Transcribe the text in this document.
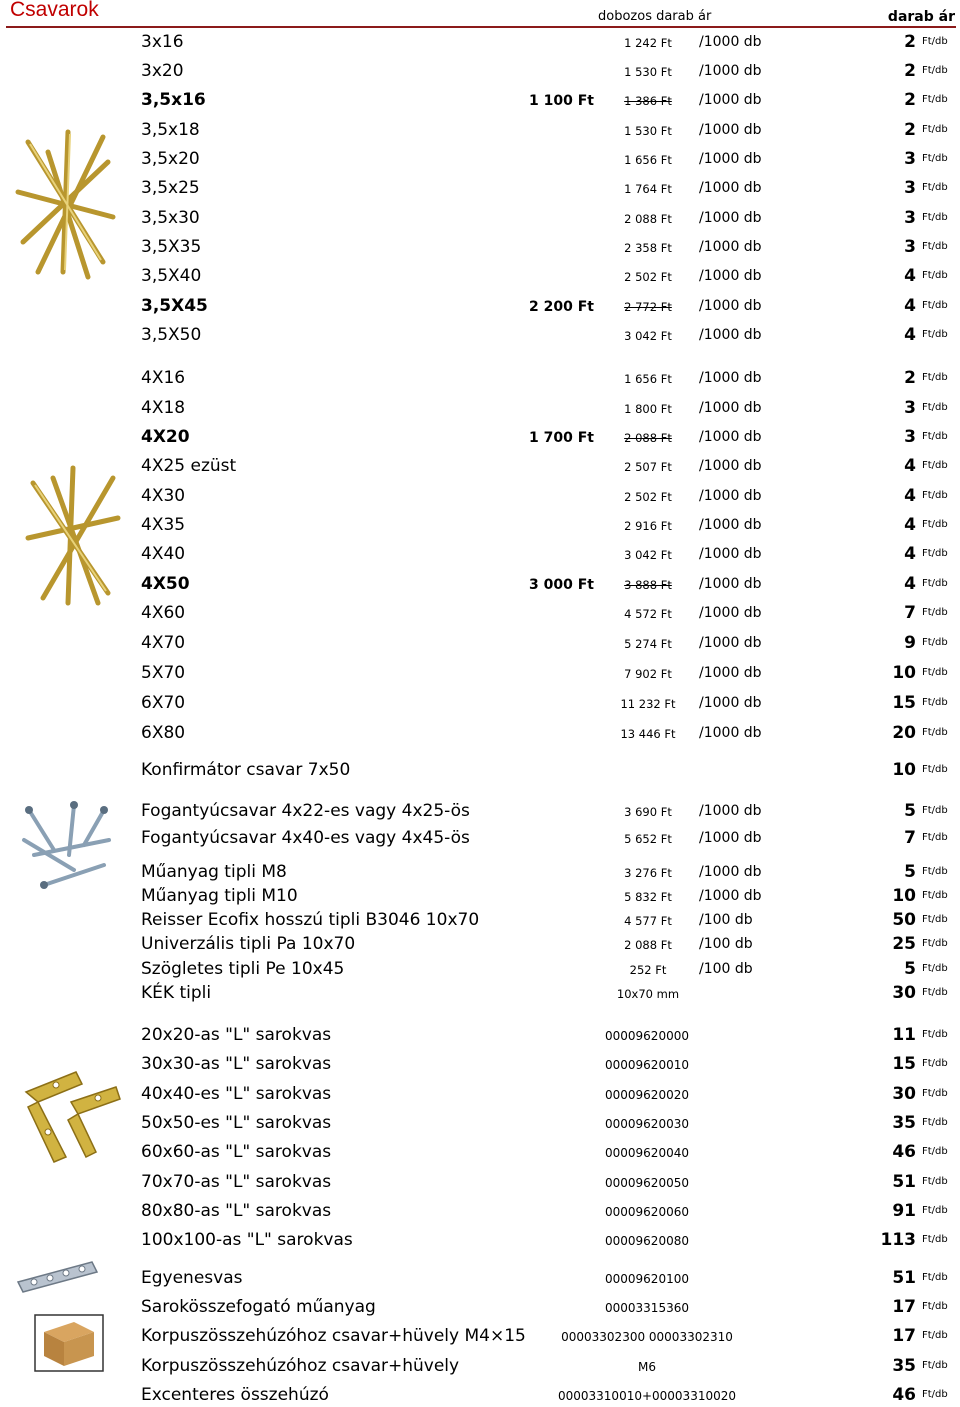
Csavarok	dobozos darab ár	darab ár
3x16	1 242 Ft	/1000 db	2 Ft/db
3x20	1 530 Ft	/1000 db	2 Ft/db
3,5x16	1 100 Ft	1 386 Ft	/1000 db	2 Ft/db
3,5x18	1 530 Ft	/1000 db	2 Ft/db
3,5x20	1 656 Ft	/1000 db	3 Ft/db
3,5x25	1 764 Ft	/1000 db	3 Ft/db
3,5x30	2 088 Ft	/1000 db	3 Ft/db
3,5X35	2 358 Ft	/1000 db	3 Ft/db
3,5X40	2 502 Ft	/1000 db	4 Ft/db
3,5X45	2 200 Ft	2 772 Ft	/1000 db	4 Ft/db
3,5X50	3 042 Ft	/1000 db	4 Ft/db
4X16	1 656 Ft	/1000 db	2 Ft/db
4X18	1 800 Ft	/1000 db	3 Ft/db
4X20	1 700 Ft	2 088 Ft	/1000 db	3 Ft/db
4X25 ezüst	2 507 Ft	/1000 db	4 Ft/db
4X30	2 502 Ft	/1000 db	4 Ft/db
4X35	2 916 Ft	/1000 db	4 Ft/db
4X40	3 042 Ft	/1000 db	4 Ft/db
4X50	3 000 Ft	3 888 Ft	/1000 db	4 Ft/db
4X60	4 572 Ft	/1000 db	7 Ft/db
4X70	5 274 Ft	/1000 db	9 Ft/db
5X70	7 902 Ft	/1000 db	10 Ft/db
6X70	11 232 Ft	/1000 db	15 Ft/db
6X80	13 446 Ft	/1000 db	20 Ft/db
Konfirmátor csavar 7x50	10 Ft/db
Fogantyúcsavar 4x22-es vagy 4x25-ös	3 690 Ft	/1000 db	5 Ft/db
Fogantyúcsavar 4x40-es vagy 4x45-ös	5 652 Ft	/1000 db	7 Ft/db
Műanyag tipli M8	3 276 Ft	/1000 db	5 Ft/db
Műanyag tipli M10	5 832 Ft	/1000 db	10 Ft/db
Reisser Ecofix hosszú tipli B3046 10x70	4 577 Ft	/100 db	50 Ft/db
Univerzális tipli Pa 10x70	2 088 Ft	/100 db	25 Ft/db
Szögletes tipli Pe 10x45	252 Ft	/100 db	5 Ft/db
KÉK tipli	10x70 mm	30 Ft/db
20x20-as "L" sarokvas	00009620000	11 Ft/db
30x30-as "L" sarokvas	00009620010	15 Ft/db
40x40-es "L" sarokvas	00009620020	30 Ft/db
50x50-es "L" sarokvas	00009620030	35 Ft/db
60x60-as "L" sarokvas	00009620040	46 Ft/db
70x70-as "L" sarokvas	00009620050	51 Ft/db
80x80-as "L" sarokvas	00009620060	91 Ft/db
100x100-as "L" sarokvas	00009620080	113 Ft/db
Egyenesvas	00009620100	51 Ft/db
Sarokösszefogató műanyag	00003315360	17 Ft/db
Korpuszösszehúzóhoz csavar+hüvely M4×15	00003302300 00003302310	17 Ft/db
Korpuszösszehúzóhoz csavar+hüvely	M6	35 Ft/db
Excenteres összehúzó	00003310010+00003310020	46 Ft/db
